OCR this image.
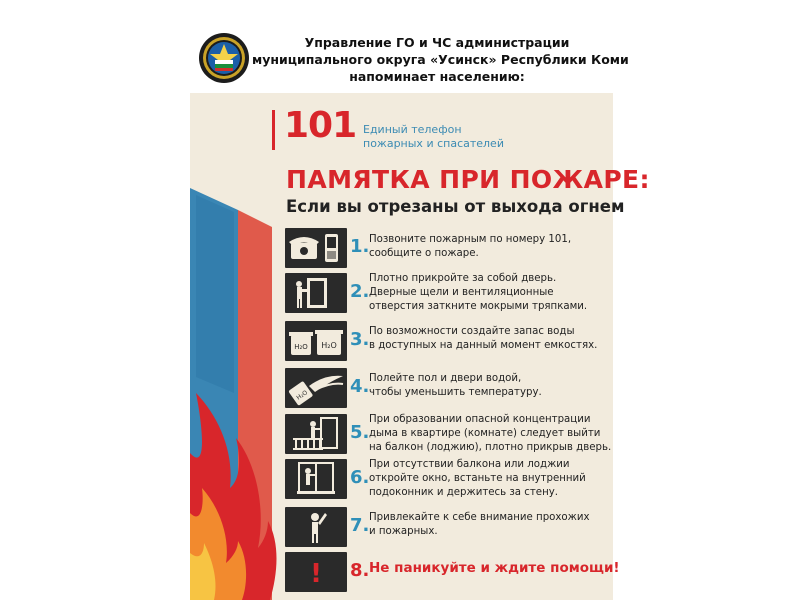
Управление ГО и ЧС администрации
муниципального округа «Усинск» Республики Коми
напоминает населению:
101 Единый телефон
пожарных и спасателей
ПАМЯТКА ПРИ ПОЖАРЕ:
Если вы отрезаны от выхода огнем
1. Позвоните пожарным по номеру 101,
сообщите о пожаре.
2.
Плотно прикройте за собой дверь.
Дверные щели и вентиляционные
отверстия заткните мокрыми тряпками.
H₂O H₂O 3. По возможности создайте запас воды
в доступных на данный момент емкостях.
H₂O 4. Полейте пол и двери водой,
чтобы уменьшить температуру.
5.
При образовании опасной концентрации
дыма в квартире (комнате) следует выйти
на балкон (лоджию), плотно прикрыв дверь.
6.
При отсутствии балкона или лоджии
откройте окно, встаньте на внутренний
подоконник и держитесь за стену.
7. Привлекайте к себе внимание прохожих
и пожарных.
! 8. Не паникуйте и ждите помощи!
